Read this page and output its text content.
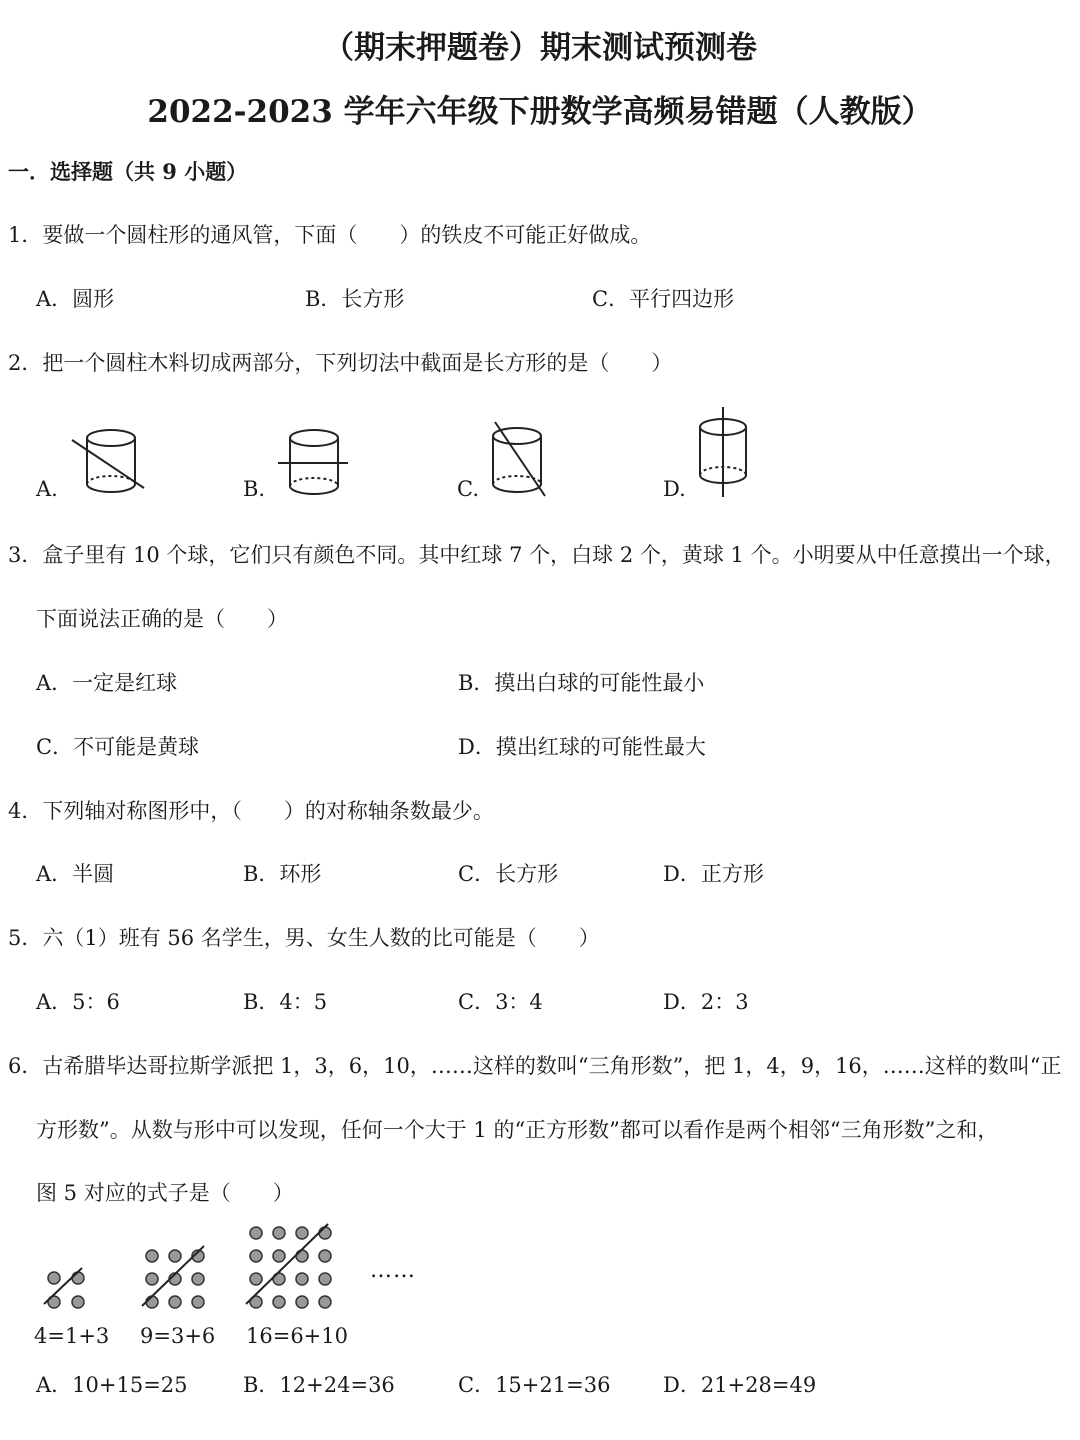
（期末押题卷）期末测试预测卷
2022-2023 学年六年级下册数学高频易错题（人教版）
一．选择题（共 9 小题）
1．要做一个圆柱形的通风管，下面（　　）的铁皮不可能正好做成。
A．圆形	B．长方形	C．平行四边形
2．把一个圆柱木料切成两部分，下列切法中截面是长方形的是（　　）
A.	B.	C.	D.
3．盒子里有 10 个球，它们只有颜色不同。其中红球 7 个，白球 2 个，黄球 1 个。小明要从中任意摸出一个球，
下面说法正确的是（　　）
A．一定是红球	B．摸出白球的可能性最小
C．不可能是黄球	D．摸出红球的可能性最大
4．下列轴对称图形中，（　　）的对称轴条数最少。
A．半圆	B．环形	C．长方形	D．正方形
5．六（1）班有 56 名学生，男、女生人数的比可能是（　　）
A．5：6	B．4：5	C．3：4	D．2：3
6．古希腊毕达哥拉斯学派把 1，3，6，10，……这样的数叫“三角形数”，把 1，4，9，16，……这样的数叫“正
方形数”。从数与形中可以发现，任何一个大于 1 的“正方形数”都可以看作是两个相邻“三角形数”之和，
图 5 对应的式子是（　　）
……
4=1+3 9=3+6 16=6+10
A．10+15=25	B．12+24=36	C．15+21=36	D．21+28=49
